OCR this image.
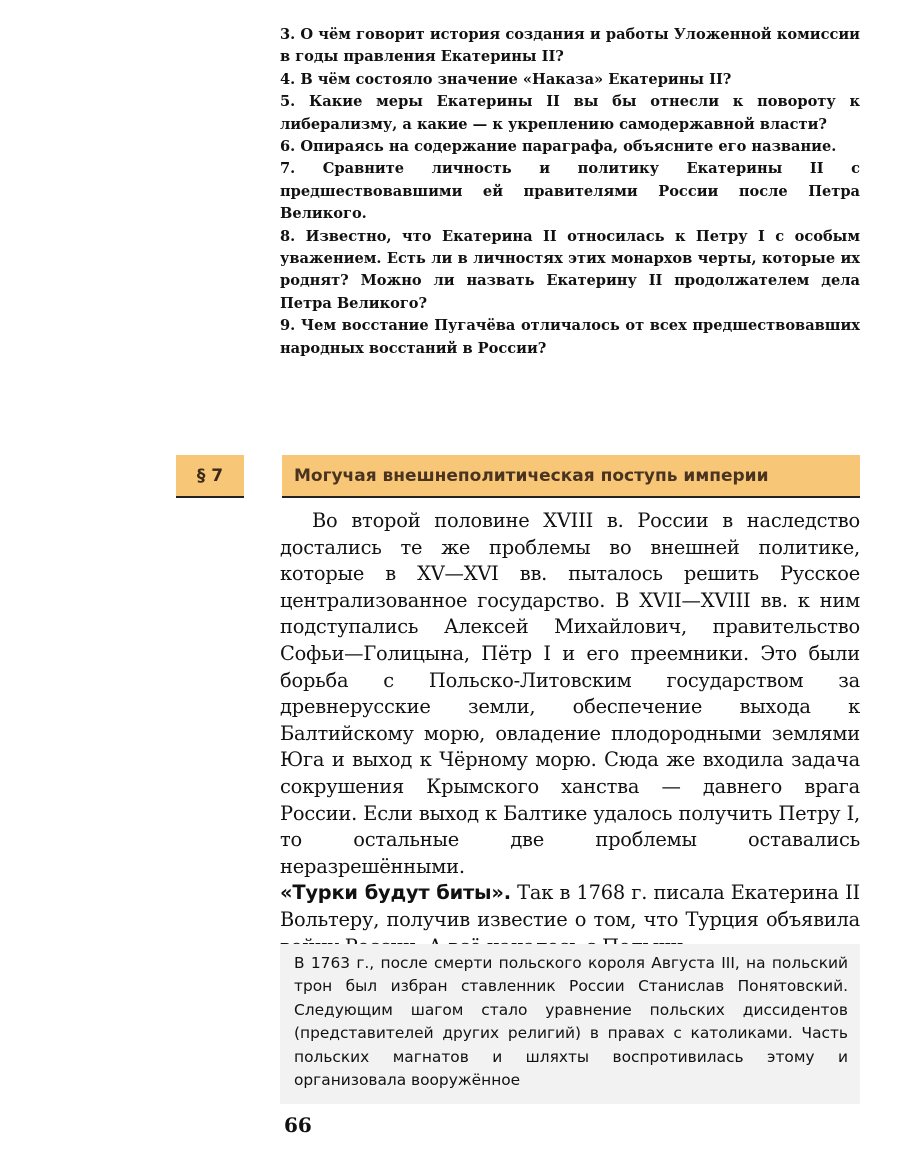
3. О чём говорит история создания и работы Уложенной комиссии в годы правления Екатерины II?

4. В чём состояло значение «Наказа» Екатерины II?

5. Какие меры Екатерины II вы бы отнесли к повороту к либерализму, а какие — к укреплению самодержавной власти?

6. Опираясь на содержание параграфа, объясните его название.

7. Сравните личность и политику Екатерины II с предшествовавшими ей правителями России после Петра Великого.

8. Известно, что Екатерина II относилась к Петру I с особым уважением. Есть ли в личностях этих монархов черты, которые их роднят? Можно ли назвать Екатерину II продолжателем дела Петра Великого?

9. Чем восстание Пугачёва отличалось от всех предшествовавших народных восстаний в России?

§ 7	Могучая внешнеполитическая поступь империи

Во второй половине XVIII в. России в наследство достались те же проблемы во внешней политике, которые в XV—XVI вв. пыталось решить Русское централизованное государство. В XVII—XVIII вв. к ним подступались Алексей Михайлович, правительство Софьи—Голицына, Пётр I и его преемники. Это были борьба с Польско-Литовским государством за древнерусские земли, обеспечение выхода к Балтийскому морю, овладение плодородными землями Юга и выход к Чёрному морю. Сюда же входила задача сокрушения Крымского ханства — давнего врага России. Если выход к Балтике удалось получить Петру I, то остальные две проблемы оставались неразрешёнными.

«Турки будут биты». Так в 1768 г. писала Екатерина II Вольтеру, получив известие о том, что Турция объявила

В 1763 г., после смерти польского короля Августа III, на польский трон был избран ставленник России Станислав Понятовский. Следующим шагом стало уравнение польских диссидентов (представителей других религий) в правах с католиками. Часть польских магнатов и шляхты воспротивилась этому и организовала вооружённое

66
